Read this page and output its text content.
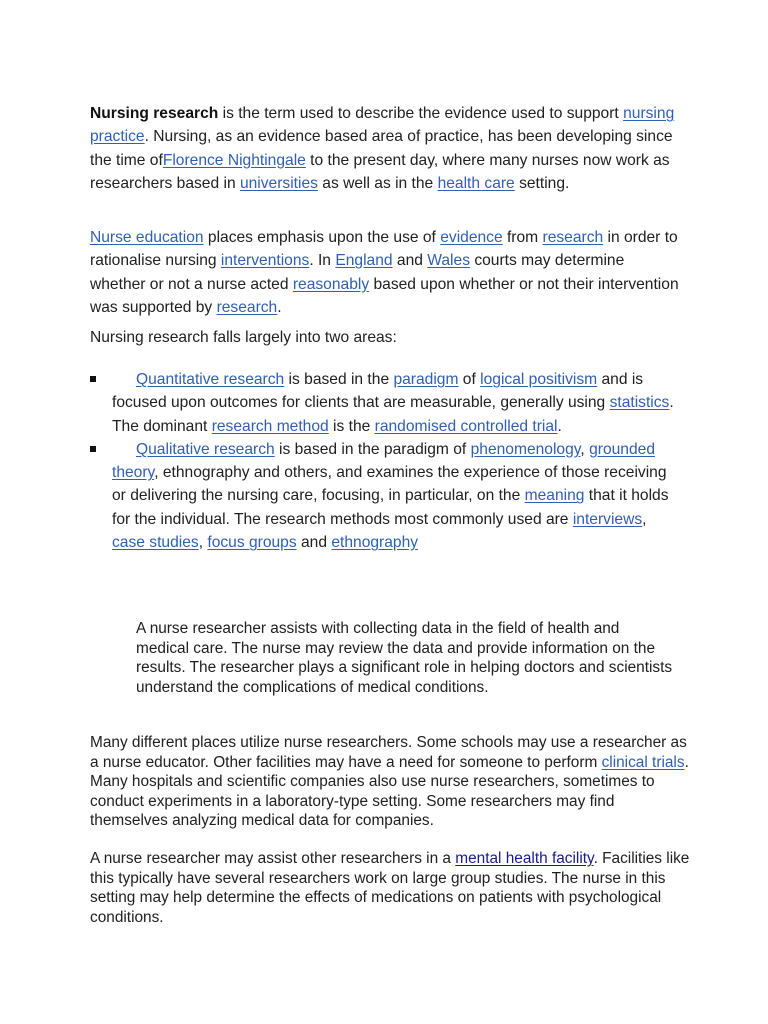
Nursing research is the term used to describe the evidence used to support nursing practice. Nursing, as an evidence based area of practice, has been developing since the time ofFlorence Nightingale to the present day, where many nurses now work as researchers based in universities as well as in the health care setting.

Nurse education places emphasis upon the use of evidence from research in order to rationalise nursing interventions. In England and Wales courts may determine whether or not a nurse acted reasonably based upon whether or not their intervention was supported by research.

Nursing research falls largely into two areas:

Quantitative research is based in the paradigm of logical positivism and is focused upon outcomes for clients that are measurable, generally using statistics. The dominant research method is the randomised controlled trial.
Qualitative research is based in the paradigm of phenomenology, grounded theory, ethnography and others, and examines the experience of those receiving or delivering the nursing care, focusing, in particular, on the meaning that it holds for the individual. The research methods most commonly used are interviews, case studies, focus groups and ethnography

A nurse researcher assists with collecting data in the field of health and medical care. The nurse may review the data and provide information on the results. The researcher plays a significant role in helping doctors and scientists understand the complications of medical conditions.

Many different places utilize nurse researchers. Some schools may use a researcher as a nurse educator. Other facilities may have a need for someone to perform clinical trials. Many hospitals and scientific companies also use nurse researchers, sometimes to conduct experiments in a laboratory-type setting. Some researchers may find themselves analyzing medical data for companies.

A nurse researcher may assist other researchers in a mental health facility. Facilities like this typically have several researchers work on large group studies. The nurse in this setting may help determine the effects of medications on patients with psychological conditions.
